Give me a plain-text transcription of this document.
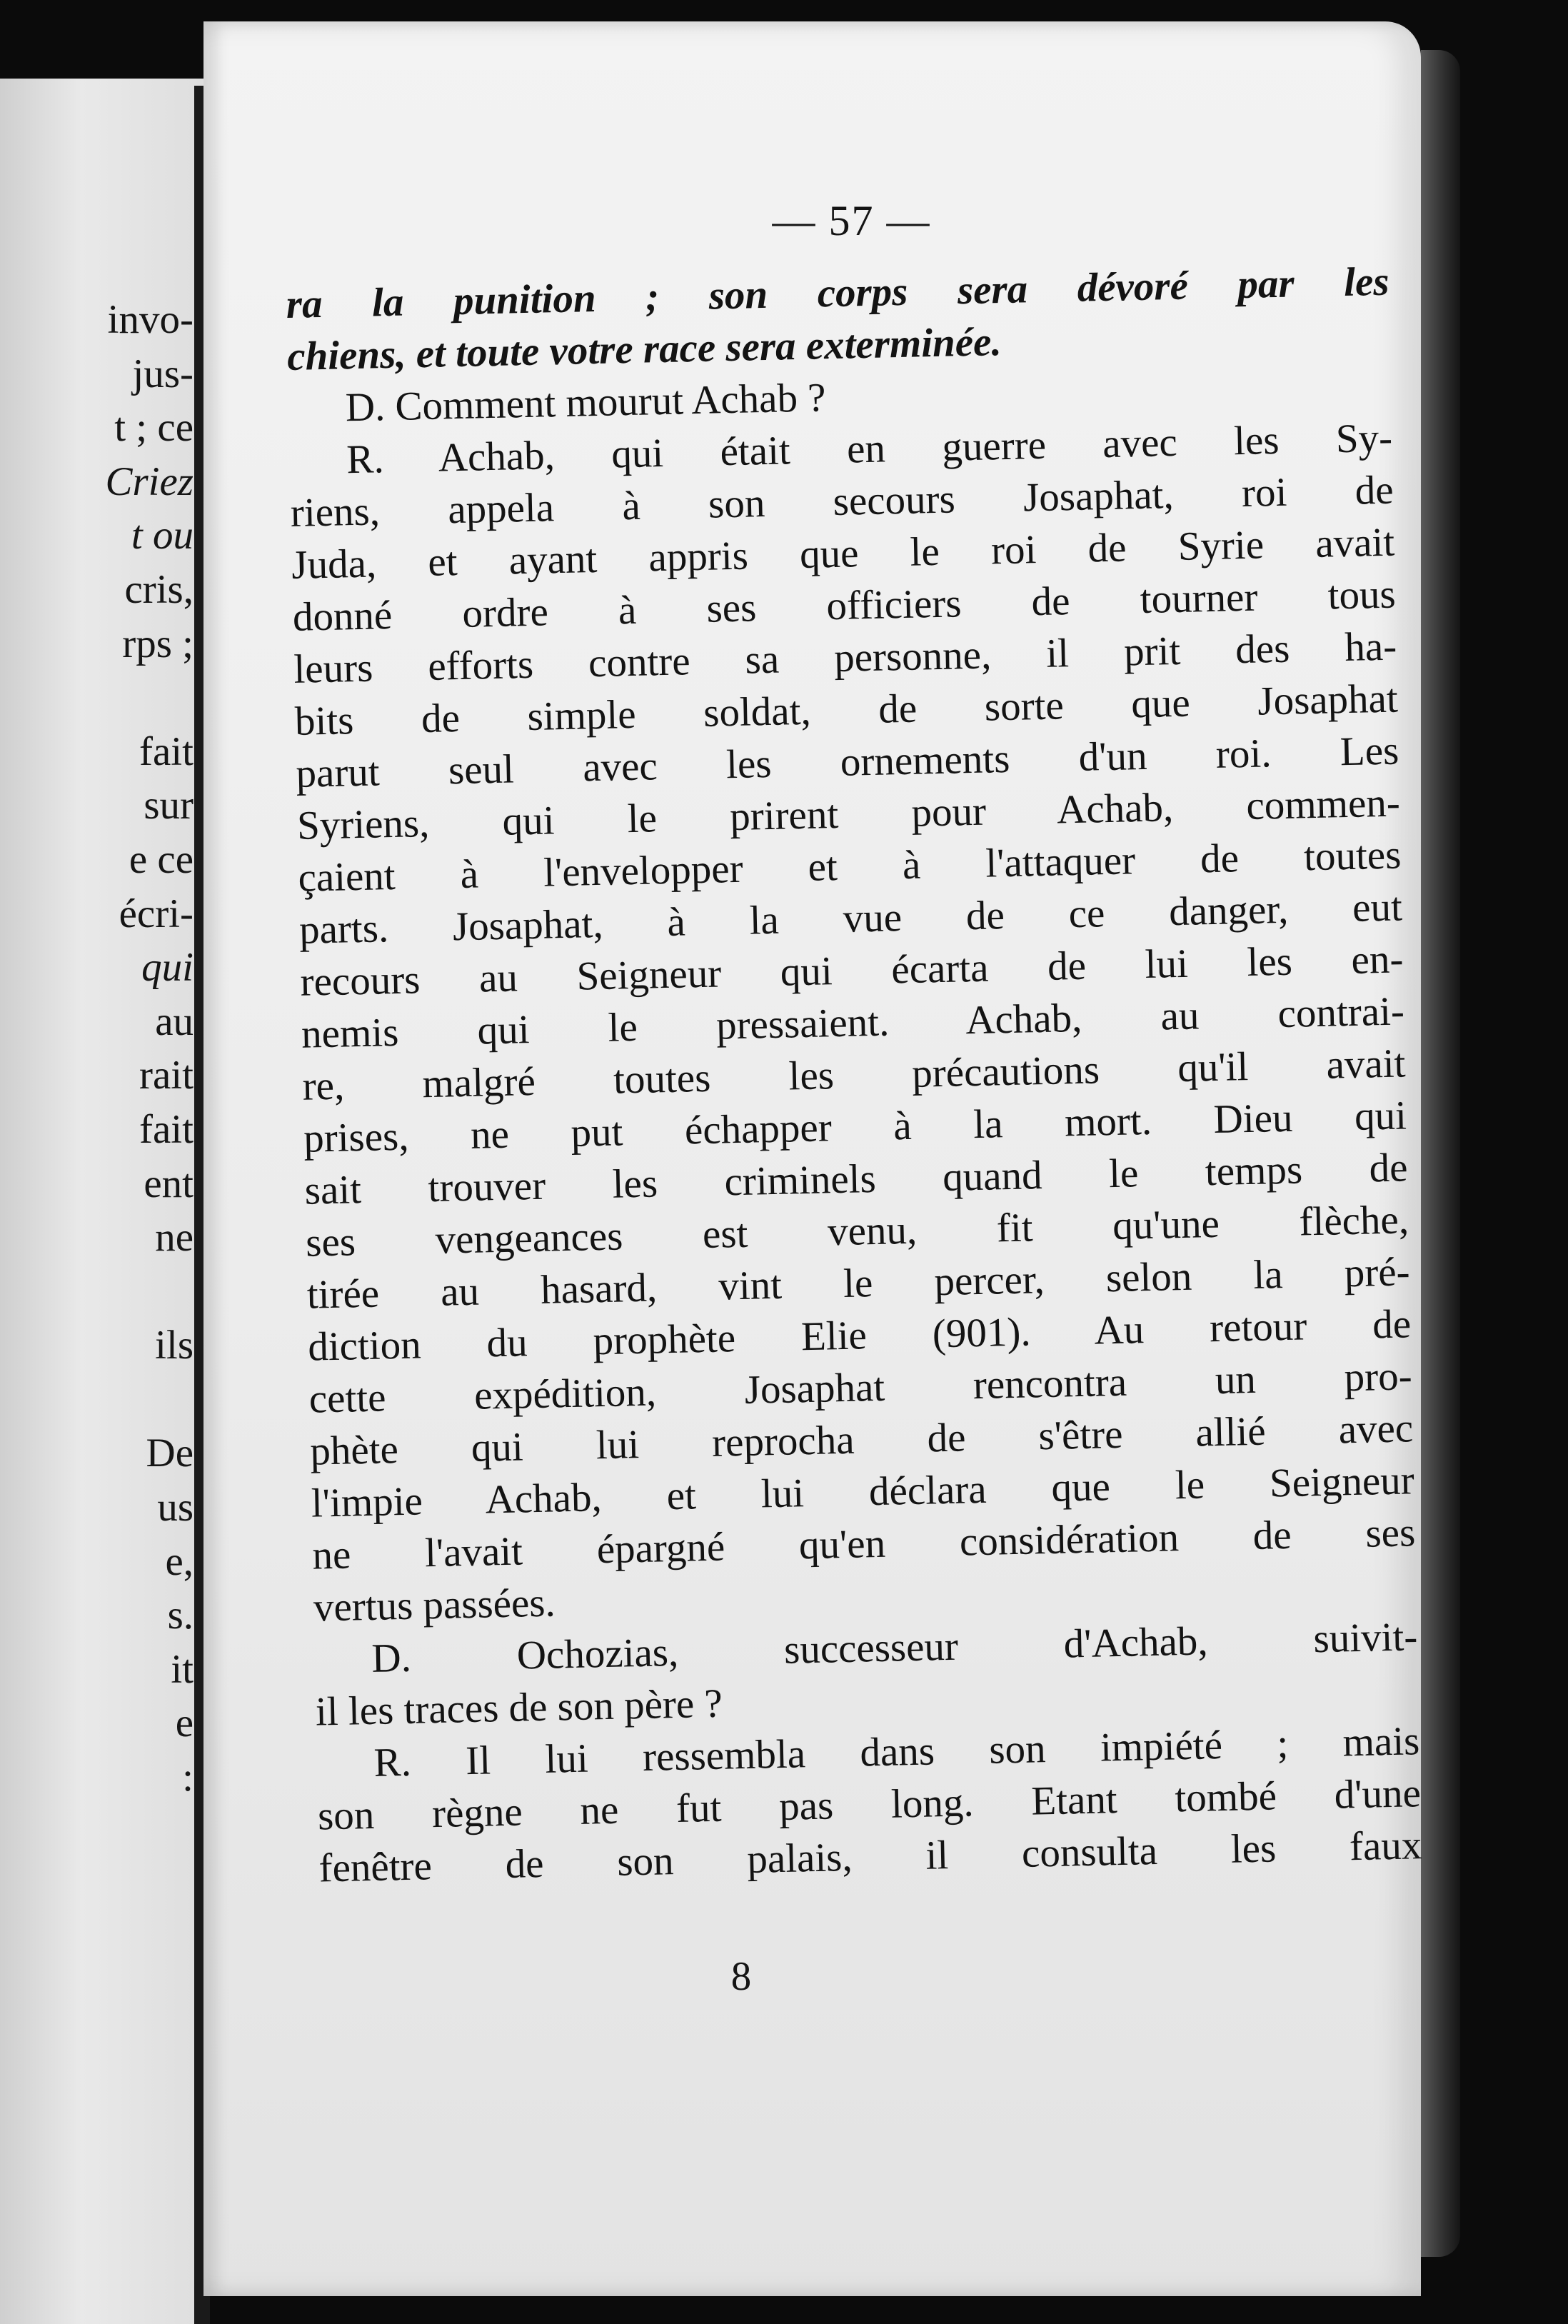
invo-
jus-
t ; ce
Criez
t ou
cris,
rps ;

fait
sur
e ce
écri-
qui
au
rait
fait
ent
ne

ils

De
us
e,
s.
it
e
:
— 57 —
ra la punition ; son corps sera dévoré par les
chiens, et toute votre race sera exterminée.
D. Comment mourut Achab ?
R. Achab, qui était en guerre avec les Sy-
riens, appela à son secours Josaphat, roi de
Juda, et ayant appris que le roi de Syrie avait
donné ordre à ses officiers de tourner tous
leurs efforts contre sa personne, il prit des ha-
bits de simple soldat, de sorte que Josaphat
parut seul avec les ornements d'un roi. Les
Syriens, qui le prirent pour Achab, commen-
çaient à l'envelopper et à l'attaquer de toutes
parts. Josaphat, à la vue de ce danger, eut
recours au Seigneur qui écarta de lui les en-
nemis qui le pressaient. Achab, au contrai-
re, malgré toutes les précautions qu'il avait
prises, ne put échapper à la mort. Dieu qui
sait trouver les criminels quand le temps de
ses vengeances est venu, fit qu'une flèche,
tirée au hasard, vint le percer, selon la pré-
diction du prophète Elie (901). Au retour de
cette expédition, Josaphat rencontra un pro-
phète qui lui reprocha de s'être allié avec
l'impie Achab, et lui déclara que le Seigneur
ne l'avait épargné qu'en considération de ses
vertus passées.
D. Ochozias, successeur d'Achab, suivit-
il les traces de son père ?
R. Il lui ressembla dans son impiété ; mais
son règne ne fut pas long. Etant tombé d'une
fenêtre de son palais, il consulta les faux
8
